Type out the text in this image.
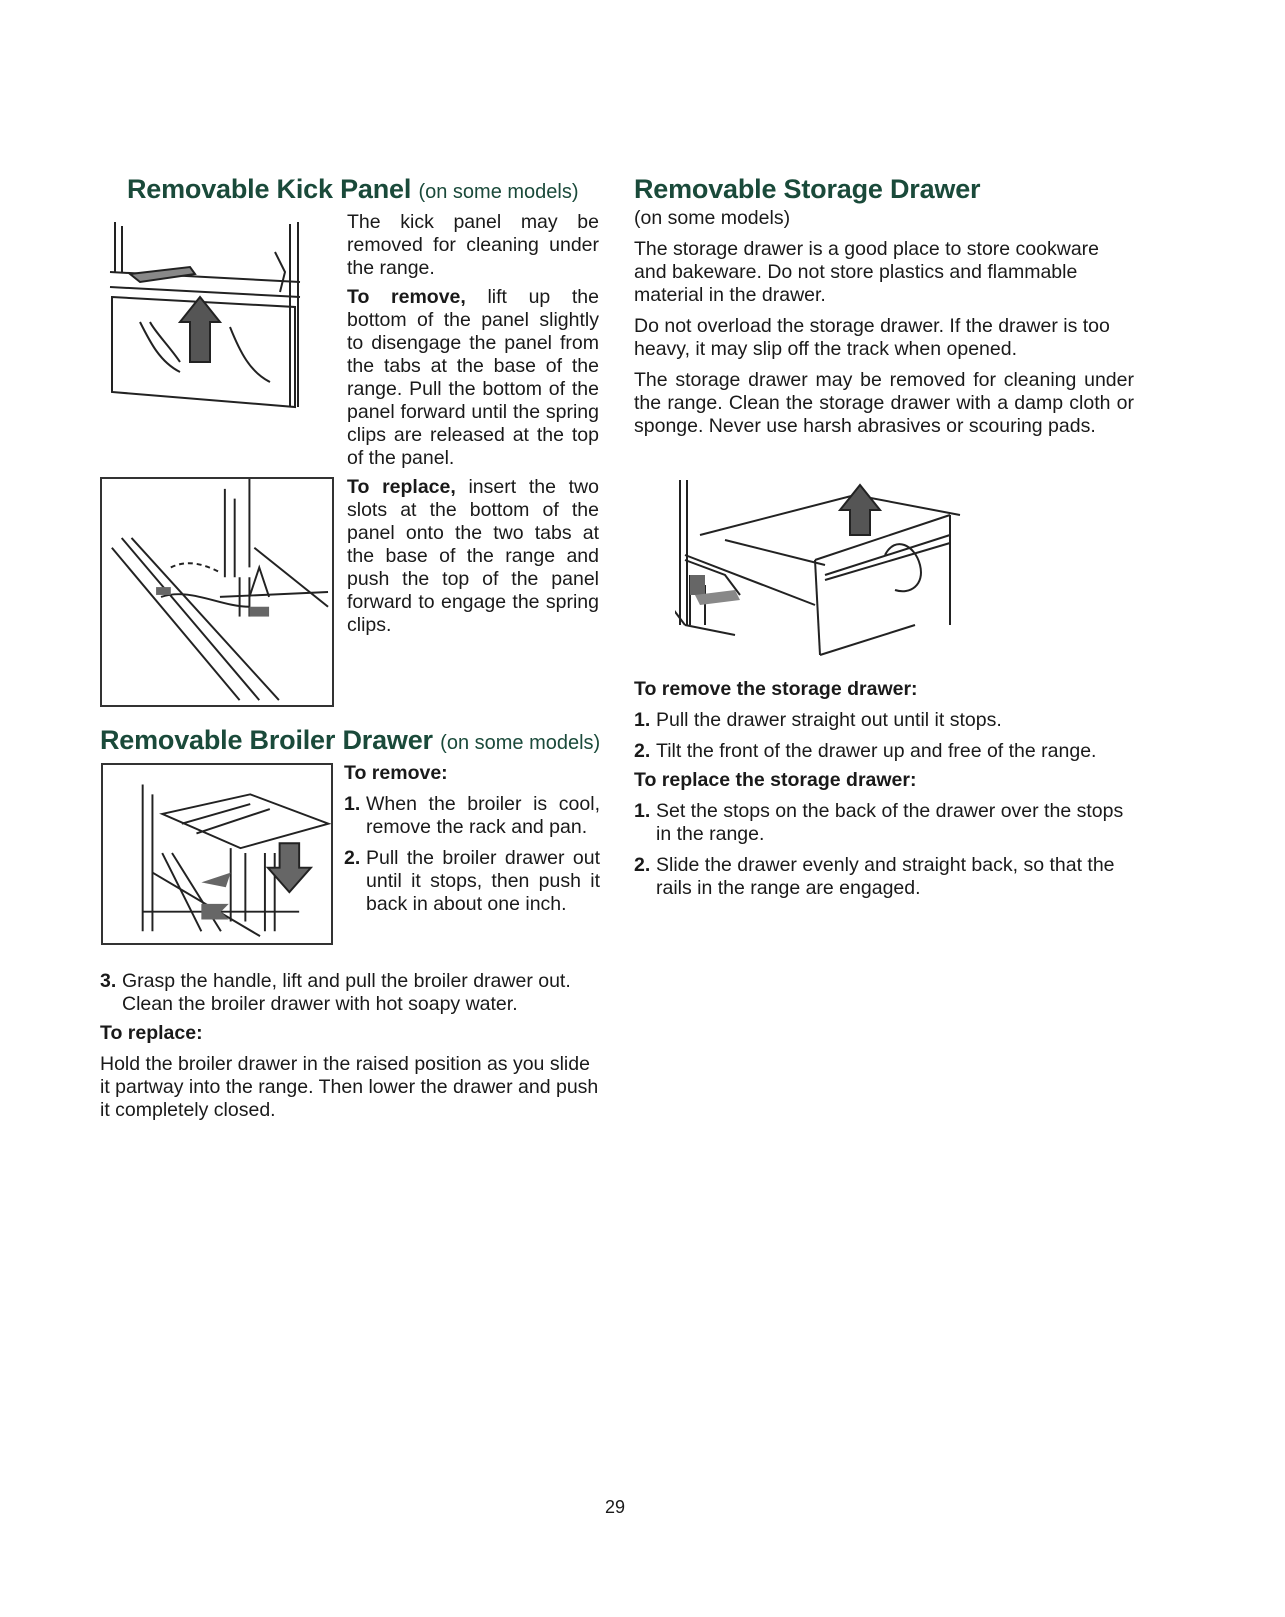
Removable Kick Panel (on some models)

The kick panel may be removed for cleaning under the range.

To remove, lift up the bottom of the panel slightly to disengage the panel from the tabs at the base of the range. Pull the bottom of the panel forward until the spring clips are released at the top of the panel.

To replace, insert the two slots at the bottom of the panel onto the two tabs at the base of the range and push the top of the panel forward to engage the spring clips.

Removable Broiler Drawer (on some models)
To remove:
1. When the broiler is cool, remove the rack and pan.
2. Pull the broiler drawer out until it stops, then push it back in about one inch.
3. Grasp the handle, lift and pull the broiler drawer out. Clean the broiler drawer with hot soapy water.
To replace:

Hold the broiler drawer in the raised position as you slide it partway into the range. Then lower the drawer and push it completely closed.

Removable Storage Drawer
(on some models)

The storage drawer is a good place to store cookware and bakeware. Do not store plastics and flammable material in the drawer.

Do not overload the storage drawer. If the drawer is too heavy, it may slip off the track when opened.

The storage drawer may be removed for cleaning under the range. Clean the storage drawer with a damp cloth or sponge. Never use harsh abrasives or scouring pads.

To remove the storage drawer:
1. Pull the drawer straight out until it stops.
2. Tilt the front of the drawer up and free of the range.
To replace the storage drawer:
1. Set the stops on the back of the drawer over the stops in the range.
2. Slide the drawer evenly and straight back, so that the rails in the range are engaged.
29
